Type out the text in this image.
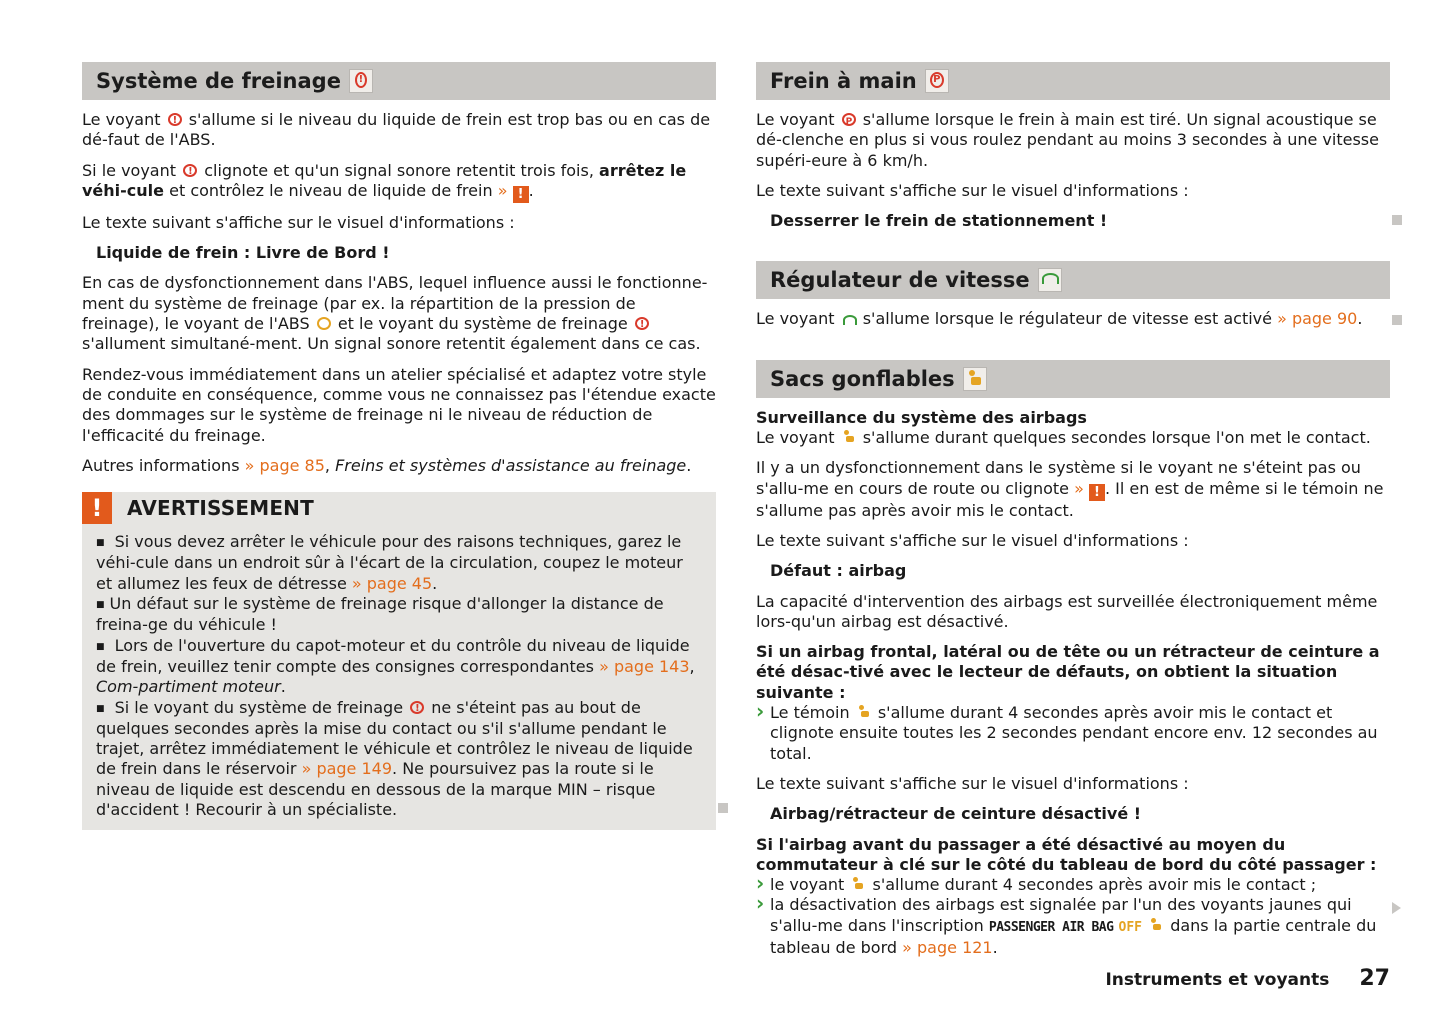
Système de freinage
!

Le voyant ! s'allume si le niveau du liquide de frein est trop bas ou en cas de dé-faut de l'ABS.

Si le voyant ! clignote et qu'un signal sonore retentit trois fois, arrêtez le véhi-cule et contrôlez le niveau de liquide de frein » ! .

Le texte suivant s'affiche sur le visuel d'informations :

Liquide de frein : Livre de Bord !

En cas de dysfonctionnement dans l'ABS, lequel influence aussi le fonctionne-ment du système de freinage (par ex. la répartition de la pression de freinage), le voyant de l'ABS et le voyant du système de freinage ! s'allument simultané-ment. Un signal sonore retentit également dans ce cas.

Rendez-vous immédiatement dans un atelier spécialisé et adaptez votre style de conduite en conséquence, comme vous ne connaissez pas l'étendue exacte des dommages sur le système de freinage ni le niveau de réduction de l'efficacité du freinage.

Autres informations » page 85, Freins et systèmes d'assistance au freinage.

!	AVERTISSEMENT

■ Si vous devez arrêter le véhicule pour des raisons techniques, garez le véhi-cule dans un endroit sûr à l'écart de la circulation, coupez le moteur et allumez les feux de détresse » page 45.

■ Un défaut sur le système de freinage risque d'allonger la distance de freina-ge du véhicule !

■ Lors de l'ouverture du capot-moteur et du contrôle du niveau de liquide de frein, veuillez tenir compte des consignes correspondantes » page 143, Com-partiment moteur.

■ Si le voyant du système de freinage ! ne s'éteint pas au bout de quelques secondes après la mise du contact ou s'il s'allume pendant le trajet, arrêtez immédiatement le véhicule et contrôlez le niveau de liquide de frein dans le réservoir » page 149. Ne poursuivez pas la route si le niveau de liquide est descendu en dessous de la marque MIN – risque d'accident ! Recourir à un spécialiste.

Frein à main
P

Le voyant P s'allume lorsque le frein à main est tiré. Un signal acoustique se dé-clenche en plus si vous roulez pendant au moins 3 secondes à une vitesse supéri-eure à 6 km/h.

Le texte suivant s'affiche sur le visuel d'informations :

Desserrer le frein de stationnement !
Régulateur de vitesse

Le voyant s'allume lorsque le régulateur de vitesse est activé » page 90.

Sacs gonflables

Surveillance du système des airbags

Le voyant s'allume durant quelques secondes lorsque l'on met le contact.

Il y a un dysfonctionnement dans le système si le voyant ne s'éteint pas ou s'allu-me en cours de route ou clignote » ! . Il en est de même si le témoin ne s'allume pas après avoir mis le contact.

Le texte suivant s'affiche sur le visuel d'informations :

Défaut : airbag

La capacité d'intervention des airbags est surveillée électroniquement même lors-qu'un airbag est désactivé.

Si un airbag frontal, latéral ou de tête ou un rétracteur de ceinture a été désac-tivé avec le lecteur de défauts, on obtient la situation suivante :

› Le témoin s'allume durant 4 secondes après avoir mis le contact et clignote ensuite toutes les 2 secondes pendant encore env. 12 secondes au total.

Le texte suivant s'affiche sur le visuel d'informations :

Airbag/rétracteur de ceinture désactivé !

Si l'airbag avant du passager a été désactivé au moyen du commutateur à clé sur le côté du tableau de bord du côté passager :

› le voyant s'allume durant 4 secondes après avoir mis le contact ;

› la désactivation des airbags est signalée par l'un des voyants jaunes qui s'allu-me dans l'inscription PASSENGER AIR BAG OFF dans la partie centrale du tableau de bord » page 121.

Instruments et voyants 27
